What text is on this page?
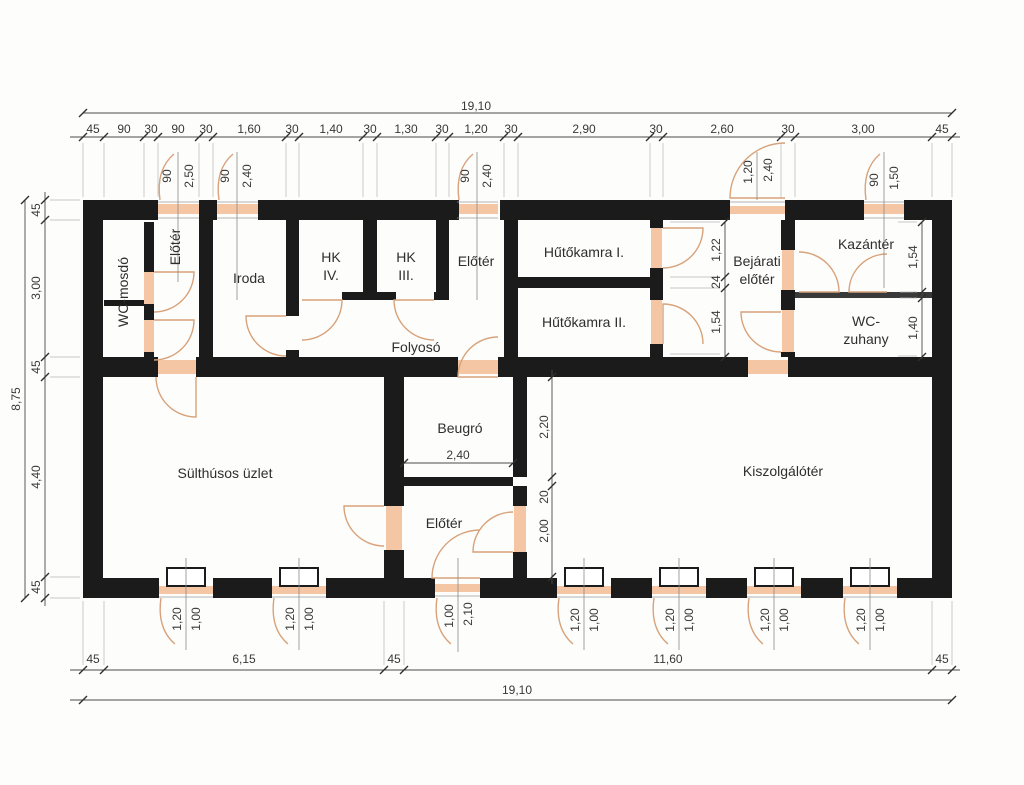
19,10
19,10
8,75
45 90 30 90 30 1,60 30 1,40 30 1,30 30 1,20 30	2,90	30	2,60	30	3,00	45
45
3,00
45
4,40
45
45	6,15	45	11,60	45
1,22
24
1,54
1,54
6
1,40
2,40
2,20
20
2,00
90 2,50 90 2,40	90 2,40	1,20 2,40	90 1,50
1,20 1,00	1,20 1,00	1,00 2,10	1,20 1,00	1,20 1,00	1,20 1,00	1,20 1,00
WC-mosdó
Előtér
Iroda
HK
IV.
HK
III.
Előtér
Hűtőkamra I.
Hűtőkamra II.
Bejárati
előtér
Kazántér
WC-
zuhany
Folyosó
Beugró
Sülthúsos üzlet
Előtér
Kiszolgálótér
